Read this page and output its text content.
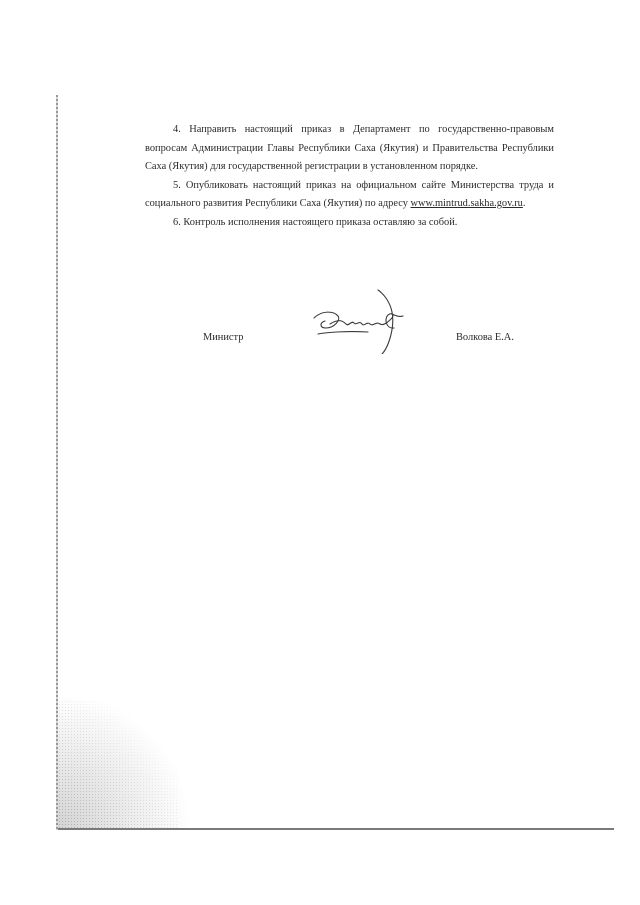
4. Направить настоящий приказ в Департамент по государственно-правовым вопросам Администрации Главы Республики Саха (Якутия) и Правительства Республики Саха (Якутия) для государственной регистрации в установленном порядке.

5. Опубликовать настоящий приказ на официальном сайте Министерства труда и социального развития Республики Саха (Якутия) по адресу www.mintrud.sakha.gov.ru.

6. Контроль исполнения настоящего приказа оставляю за собой.

Министр	Волкова Е.А.
